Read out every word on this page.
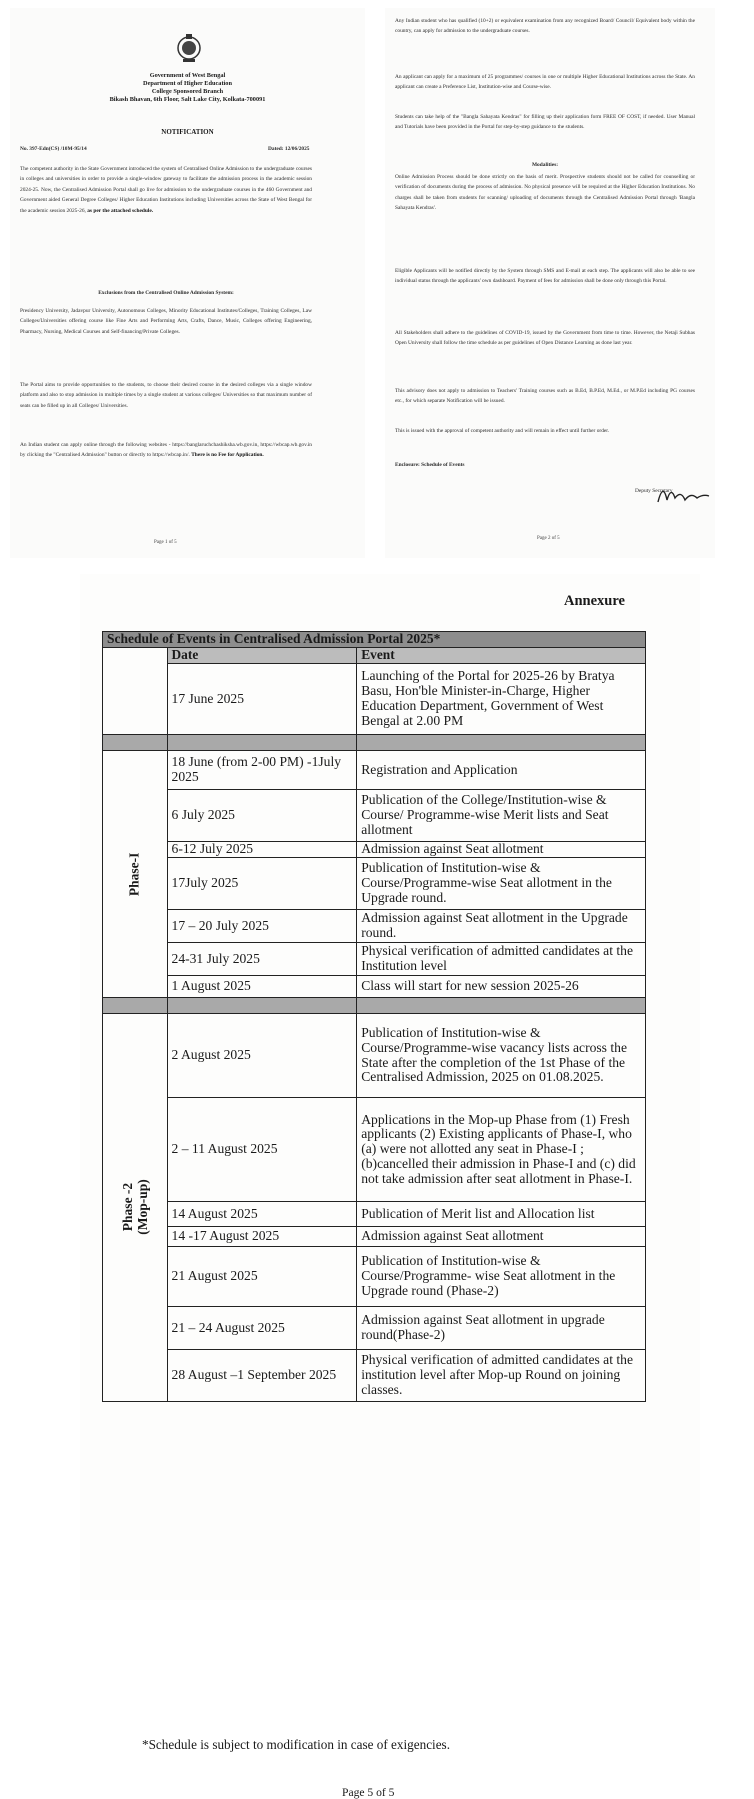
Government of West Bengal
Department of Higher Education
College Sponsored Branch
Bikash Bhavan, 6th Floor, Salt Lake City, Kolkata-700091
NOTIFICATION
No. 397-Edn(CS) /10M-95/14	Dated: 12/06/2025
The competent authority in the State Government introduced the system of Centralised Online Admission to the undergraduate courses in colleges and universities in order to provide a single-window gateway to facilitate the admission process in the academic session 2024-25. Now, the Centralised Admission Portal shall go live for admission to the undergraduate courses in the 460 Government and Government aided General Degree Colleges/ Higher Education Institutions including Universities across the State of West Bengal for the academic session 2025-26, as per the attached schedule.
Exclusions from the Centralised Online Admission System:
Presidency University, Jadavpur University, Autonomous Colleges, Minority Educational Institutes/Colleges, Training Colleges, Law Colleges/Universities offering course like Fine Arts and Performing Arts, Crafts, Dance, Music, Colleges offering Engineering, Pharmacy, Nursing, Medical Courses and Self-financing/Private Colleges.
The Portal aims to provide opportunities to the students, to choose their desired course in the desired colleges via a single window platform and also to stop admission in multiple times by a single student at various colleges/ Universities so that maximum number of seats can be filled up in all Colleges/ Universities.
An Indian student can apply online through the following websites - https://banglaruchchashiksha.wb.gov.in, https://wbcap.wb.gov.in by clicking the "Centralised Admission" button or directly to https://wbcap.in/. There is no Fee for Application.
Page 1 of 5
Any Indian student who has qualified (10+2) or equivalent examination from any recognized Board/ Council/ Equivalent body within the country, can apply for admission to the undergraduate courses.
An applicant can apply for a maximum of 25 programmes/ courses in one or multiple Higher Educational Institutions across the State. An applicant can create a Preference List, Institution-wise and Course-wise.
Students can take help of the "Bangla Sahayata Kendras" for filling up their application form FREE OF COST, if needed. User Manual and Tutorials have been provided in the Portal for step-by-step guidance to the students.
Modalities:
Online Admission Process should be done strictly on the basis of merit. Prospective students should not be called for counselling or verification of documents during the process of admission. No physical presence will be required at the Higher Education Institutions. No charges shall be taken from students for scanning/ uploading of documents through the Centralised Admission Portal through 'Bangla Sahayata Kendras'.
Eligible Applicants will be notified directly by the System through SMS and E-mail at each step. The applicants will also be able to see individual status through the applicants' own dashboard. Payment of fees for admission shall be done only through this Portal.
All Stakeholders shall adhere to the guidelines of COVID-19, issued by the Government from time to time. However, the Netaji Subhas Open University shall follow the time schedule as per guidelines of Open Distance Learning as done last year.
This advisory does not apply to admission to Teachers' Training courses such as B.Ed, B.P.Ed, M.Ed., or M.P.Ed including PG courses etc., for which separate Notification will be issued.
This is issued with the approval of competent authority and will remain in effect until further order.
Enclosure: Schedule of Events
Deputy Secretary
Page 2 of 5
Annexure
Schedule of Events in Centralised Admission Portal 2025*		
	Date	Event
	17 June 2025	Launching of the Portal for 2025-26 by Bratya Basu, Hon'ble Minister-in-Charge, Higher Education Department, Government of West Bengal at 2.00 PM

Phase-I	18 June (from 2-00 PM) -1July 2025	Registration and Application
	6 July 2025	Publication of the College/Institution-wise & Course/ Programme-wise Merit lists and Seat allotment
	6-12 July 2025	Admission against Seat allotment
	17July 2025	Publication of Institution-wise & Course/Programme-wise Seat allotment in the Upgrade round.
	17 – 20 July 2025	Admission against Seat allotment in the Upgrade round.
	24-31 July 2025	Physical verification of admitted candidates at the Institution level
	1 August 2025	Class will start for new session 2025-26

Phase -2
(Mop-up)	2 August 2025	Publication of Institution-wise & Course/Programme-wise vacancy lists across the State after the completion of the 1st Phase of the Centralised Admission, 2025 on 01.08.2025.
	2 – 11 August 2025	Applications in the Mop-up Phase from (1) Fresh applicants (2) Existing applicants of Phase-I, who (a) were not allotted any seat in Phase-I ; (b)cancelled their admission in Phase-I and (c) did not take admission after seat allotment in Phase-I.
	14 August 2025	Publication of Merit list and Allocation list
	14 -17 August 2025	Admission against Seat allotment
	21 August 2025	Publication of Institution-wise & Course/Programme- wise Seat allotment in the Upgrade round (Phase-2)
	21 – 24 August 2025	Admission against Seat allotment in upgrade round(Phase-2)
	28 August –1 September 2025	Physical verification of admitted candidates at the institution level after Mop-up Round on joining classes.
*Schedule is subject to modification in case of exigencies.
Page 5 of 5
